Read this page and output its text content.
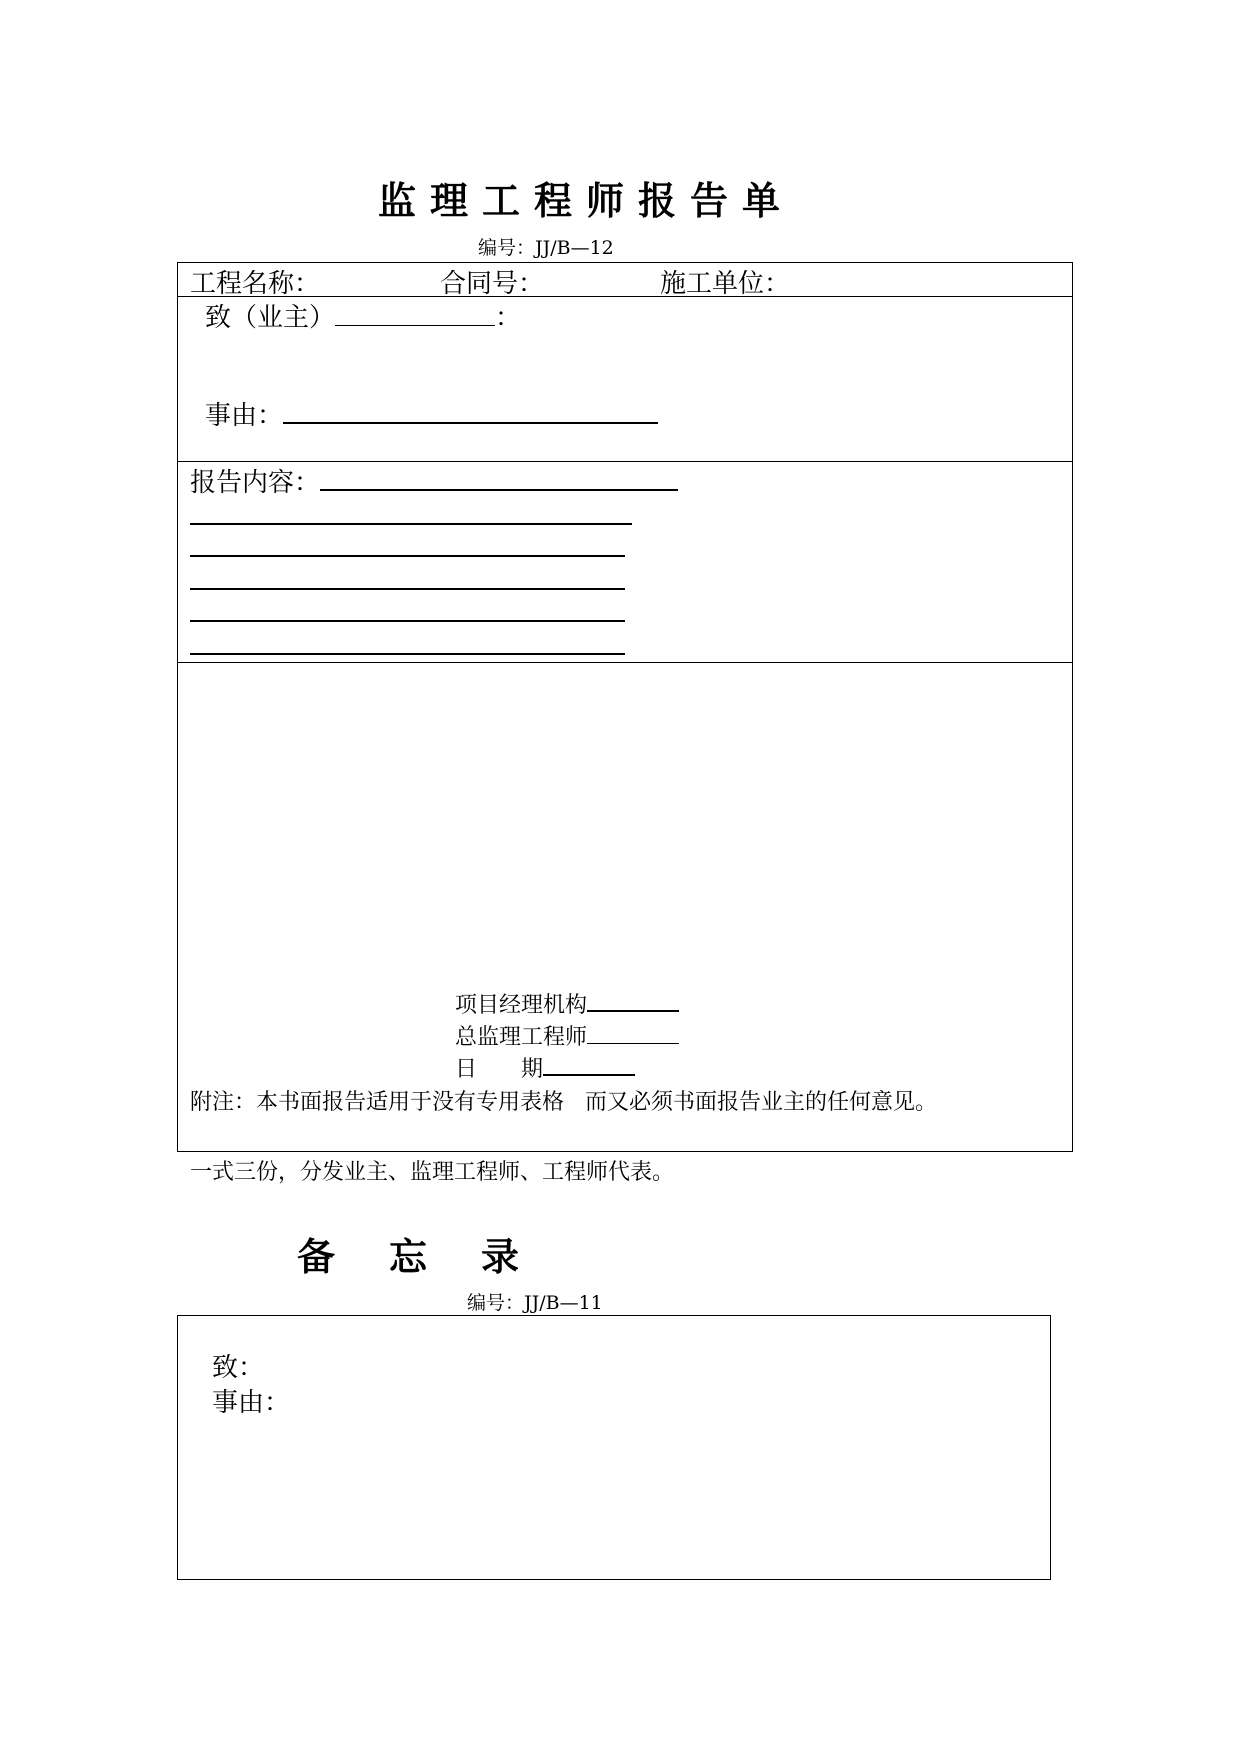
监理工程师报告单
编号：JJ/B—12
工程名称：	合同号：	施工单位：
致（业主）	：
事由：
报告内容：
项目经理机构
总监理工程师
日　　期
附注：本书面报告适用于没有专用表格   而又必须书面报告业主的任何意见。
一式三份，分发业主、监理工程师、工程师代表。
备　忘　录
编号：JJ/B—11
致：
事由：
